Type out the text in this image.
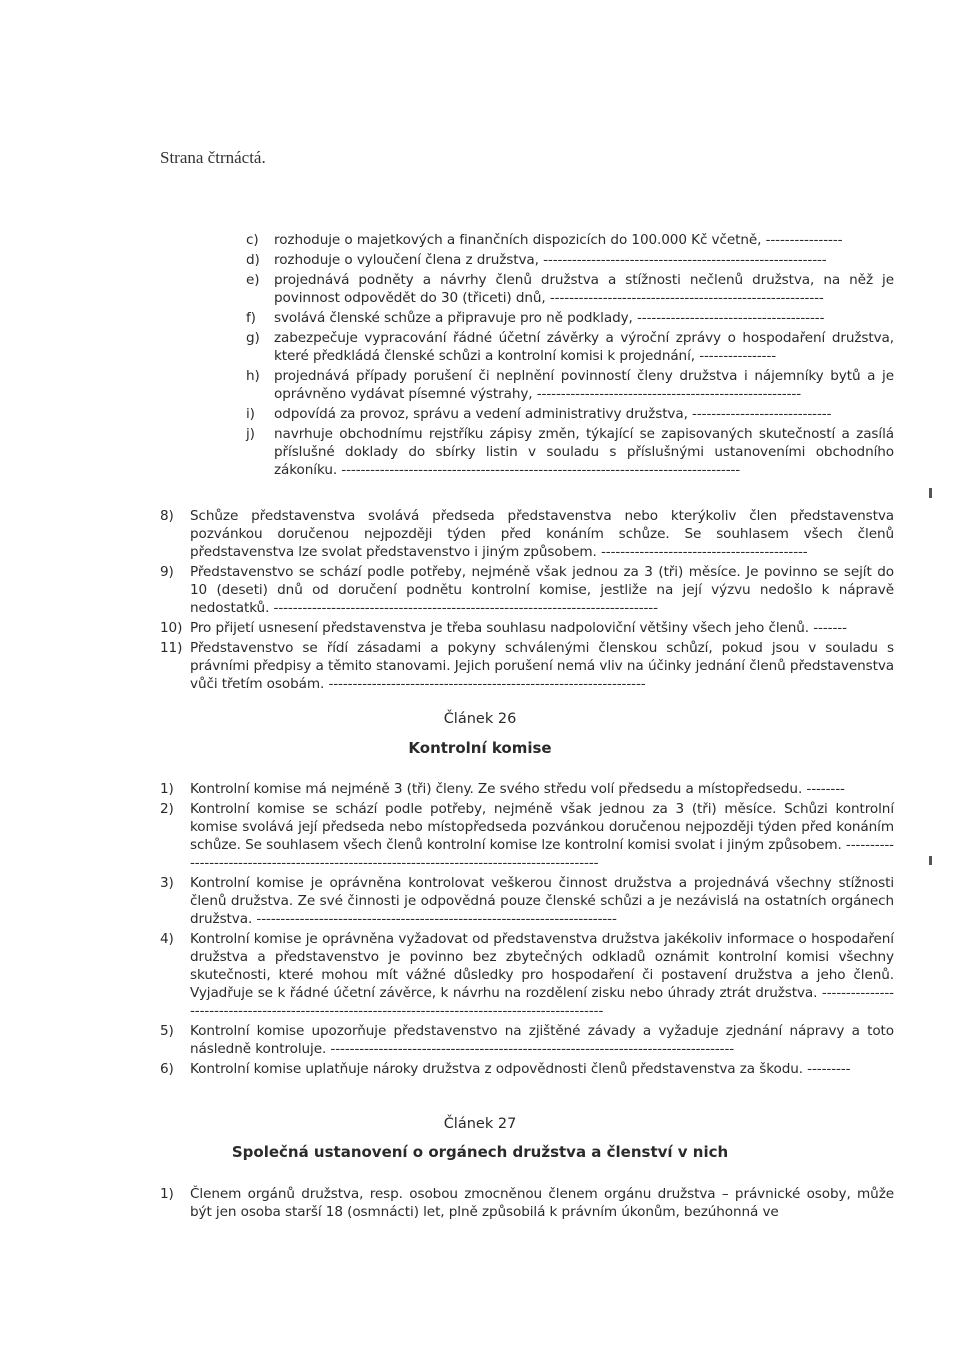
Strana čtrnáctá.
c) rozhoduje o majetkových a finančních dispozicích do 100.000 Kč včetně, ----------------
d) rozhoduje o vyloučení člena z družstva, -----------------------------------------------------------
e) projednává podněty a návrhy členů družstva a stížnosti nečlenů družstva, na něž je povinnost odpovědět do 30 (třiceti) dnů, ---------------------------------------------------------
f) svolává členské schůze a připravuje pro ně podklady, ---------------------------------------
g) zabezpečuje vypracování řádné účetní závěrky a výroční zprávy o hospodaření družstva, které předkládá členské schůzi a kontrolní komisi k projednání, ----------------
h) projednává případy porušení či neplnění povinností členy družstva i nájemníky bytů a je oprávněno vydávat písemné výstrahy, -------------------------------------------------------
i) odpovídá za provoz, správu a vedení administrativy družstva, -----------------------------
j) navrhuje obchodnímu rejstříku zápisy změn, týkající se zapisovaných skutečností a zasílá příslušné doklady do sbírky listin v souladu s příslušnými ustanoveními obchodního zákoníku. -----------------------------------------------------------------------------------
8) Schůze představenstva svolává předseda představenstva nebo kterýkoliv člen představenstva pozvánkou doručenou nejpozději týden před konáním schůze. Se souhlasem všech členů představenstva lze svolat představenstvo i jiným způsobem. -------------------------------------------
9) Představenstvo se schází podle potřeby, nejméně však jednou za 3 (tři) měsíce. Je povinno se sejít do 10 (deseti) dnů od doručení podnětu kontrolní komise, jestliže na její výzvu nedošlo k nápravě nedostatků. --------------------------------------------------------------------------------
10) Pro přijetí usnesení představenstva je třeba souhlasu nadpoloviční většiny všech jeho členů. -------
11) Představenstvo se řídí zásadami a pokyny schválenými členskou schůzí, pokud jsou v souladu s právními předpisy a těmito stanovami. Jejich porušení nemá vliv na účinky jednání členů představenstva vůči třetím osobám. ------------------------------------------------------------------
Článek 26
Kontrolní komise
1) Kontrolní komise má nejméně 3 (tři) členy. Ze svého středu volí předsedu a místopředsedu. --------
2) Kontrolní komise se schází podle potřeby, nejméně však jednou za 3 (tři) měsíce. Schůzi kontrolní komise svolává její předseda nebo místopředseda pozvánkou doručenou nejpozději týden před konáním schůze. Se souhlasem všech členů kontrolní komise lze kontrolní komisi svolat i jiným způsobem. -----------------------------------------------------------------------------------------------
3) Kontrolní komise je oprávněna kontrolovat veškerou činnost družstva a projednává všechny stížnosti členů družstva. Ze své činnosti je odpovědná pouze členské schůzi a je nezávislá na ostatních orgánech družstva. ---------------------------------------------------------------------------
4) Kontrolní komise je oprávněna vyžadovat od představenstva družstva jakékoliv informace o hospodaření družstva a představenstvo je povinno bez zbytečných odkladů oznámit kontrolní komisi všechny skutečnosti, které mohou mít vážné důsledky pro hospodaření či postavení družstva a jeho členů. Vyjadřuje se k řádné účetní závěrce, k návrhu na rozdělení zisku nebo úhrady ztrát družstva. -----------------------------------------------------------------------------------------------------
5) Kontrolní komise upozorňuje představenstvo na zjištěné závady a vyžaduje zjednání nápravy a toto následně kontroluje. ------------------------------------------------------------------------------------
6) Kontrolní komise uplatňuje nároky družstva z odpovědnosti členů představenstva za škodu. ---------
Článek 27
Společná ustanovení o orgánech družstva a členství v nich
1) Členem orgánů družstva, resp. osobou zmocněnou členem orgánu družstva – právnické osoby, může být jen osoba starší 18 (osmnácti) let, plně způsobilá k právním úkonům, bezúhonná ve
